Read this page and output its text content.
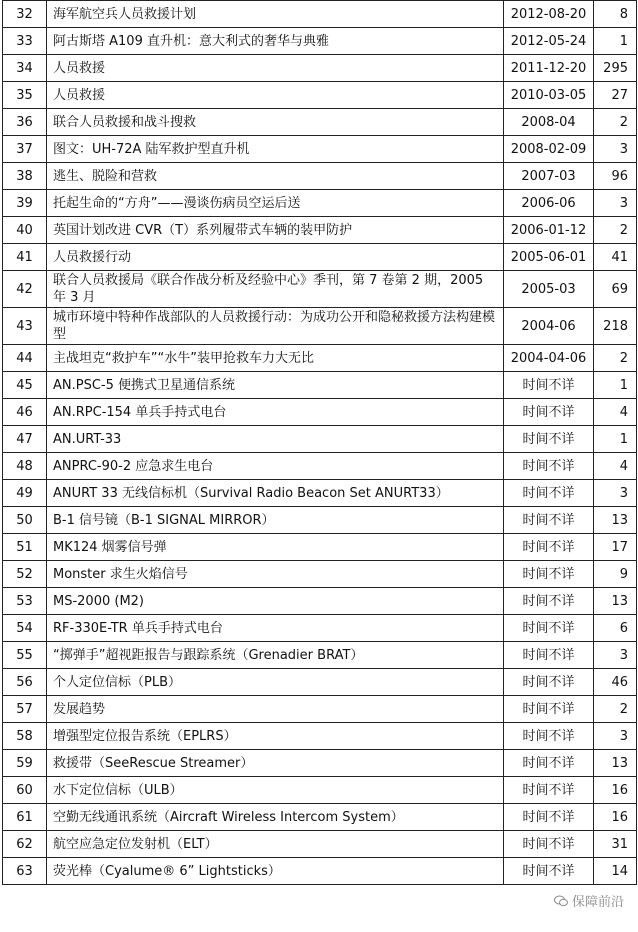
32	海军航空兵人员救援计划	2012-08-20	8
33	阿古斯塔 A109 直升机：意大利式的奢华与典雅	2012-05-24	1
34	人员救援	2011-12-20	295
35	人员救援	2010-03-05	27
36	联合人员救援和战斗搜救	2008-04	2
37	图文：UH-72A 陆军救护型直升机	2008-02-09	3
38	逃生、脱险和营救	2007-03	96
39	托起生命的“方舟”——漫谈伤病员空运后送	2006-06	3
40	英国计划改进 CVR（T）系列履带式车辆的装甲防护	2006-01-12	2
41	人员救援行动	2005-06-01	41
42	联合人员救援局《联合作战分析及经验中心》季刊，第 7 卷第 2 期，2005 年 3 月	2005-03	69
43	城市环境中特种作战部队的人员救援行动：为成功公开和隐秘救援方法构建模型	2004-06	218
44	主战坦克“救护车”“水牛”装甲抢救车力大无比	2004-04-06	2
45	AN.PSC-5 便携式卫星通信系统	时间不详	1
46	AN.RPC-154 单兵手持式电台	时间不详	4
47	AN.URT-33	时间不详	1
48	ANPRC-90-2 应急求生电台	时间不详	4
49	ANURT 33 无线信标机（Survival Radio Beacon Set ANURT33）	时间不详	3
50	B-1 信号镜（B-1 SIGNAL MIRROR）	时间不详	13
51	MK124 烟雾信号弹	时间不详	17
52	Monster 求生火焰信号	时间不详	9
53	MS-2000 (M2)	时间不详	13
54	RF-330E-TR 单兵手持式电台	时间不详	6
55	“掷弹手”超视距报告与跟踪系统（Grenadier BRAT）	时间不详	3
56	个人定位信标（PLB）	时间不详	46
57	发展趋势	时间不详	2
58	增强型定位报告系统（EPLRS）	时间不详	3
59	救援带（SeeRescue Streamer）	时间不详	13
60	水下定位信标（ULB）	时间不详	16
61	空勤无线通讯系统（Aircraft Wireless Intercom System）	时间不详	16
62	航空应急定位发射机（ELT）	时间不详	31
63	荧光棒（Cyalume® 6” Lightsticks）	时间不详	14
保障前沿
